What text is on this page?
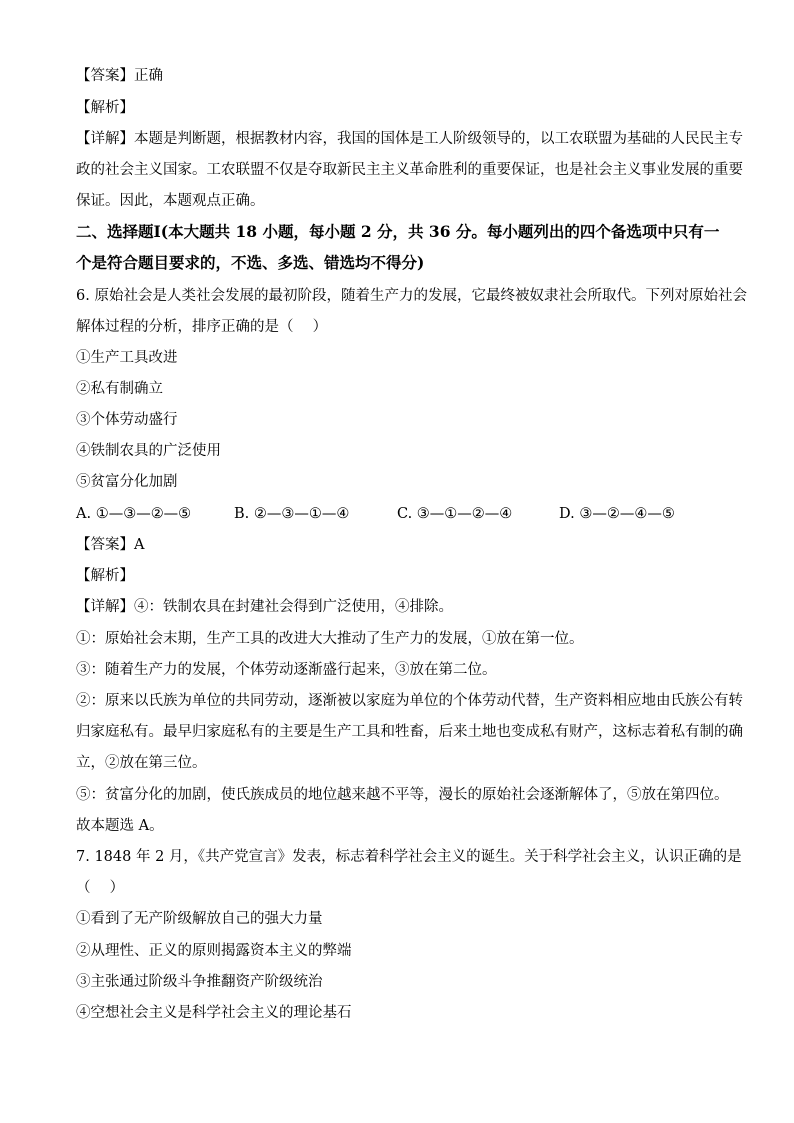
【答案】正确
【解析】
【详解】本题是判断题，根据教材内容，我国的国体是工人阶级领导的，以工农联盟为基础的人民民主专
政的社会主义国家。工农联盟不仅是夺取新民主主义革命胜利的重要保证，也是社会主义事业发展的重要
保证。因此，本题观点正确。
二、选择题Ⅰ(本大题共 18 小题，每小题 2 分，共 36 分。每小题列出的四个备选项中只有一
个是符合题目要求的，不选、多选、错选均不得分)
6. 原始社会是人类社会发展的最初阶段，随着生产力的发展，它最终被奴隶社会所取代。下列对原始社会
解体过程的分析，排序正确的是（　 ）
①生产工具改进
②私有制确立
③个体劳动盛行
④铁制农具的广泛使用
⑤贫富分化加剧
A. ①—③—②—⑤	B. ②—③—①—④	C. ③—①—②—④	D. ③—②—④—⑤
【答案】A
【解析】
【详解】④：铁制农具在封建社会得到广泛使用，④排除。
①：原始社会末期，生产工具的改进大大推动了生产力的发展，①放在第一位。
③：随着生产力的发展，个体劳动逐渐盛行起来，③放在第二位。
②：原来以氏族为单位的共同劳动，逐渐被以家庭为单位的个体劳动代替，生产资料相应地由氏族公有转
归家庭私有。最早归家庭私有的主要是生产工具和牲畜，后来土地也变成私有财产，这标志着私有制的确
立，②放在第三位。
⑤：贫富分化的加剧，使氏族成员的地位越来越不平等，漫长的原始社会逐渐解体了，⑤放在第四位。
故本题选 A。
7. 1848 年 2 月，《共产党宣言》发表，标志着科学社会主义的诞生。关于科学社会主义，认识正确的是
（　 ）
①看到了无产阶级解放自己的强大力量
②从理性、正义的原则揭露资本主义的弊端
③主张通过阶级斗争推翻资产阶级统治
④空想社会主义是科学社会主义的理论基石
